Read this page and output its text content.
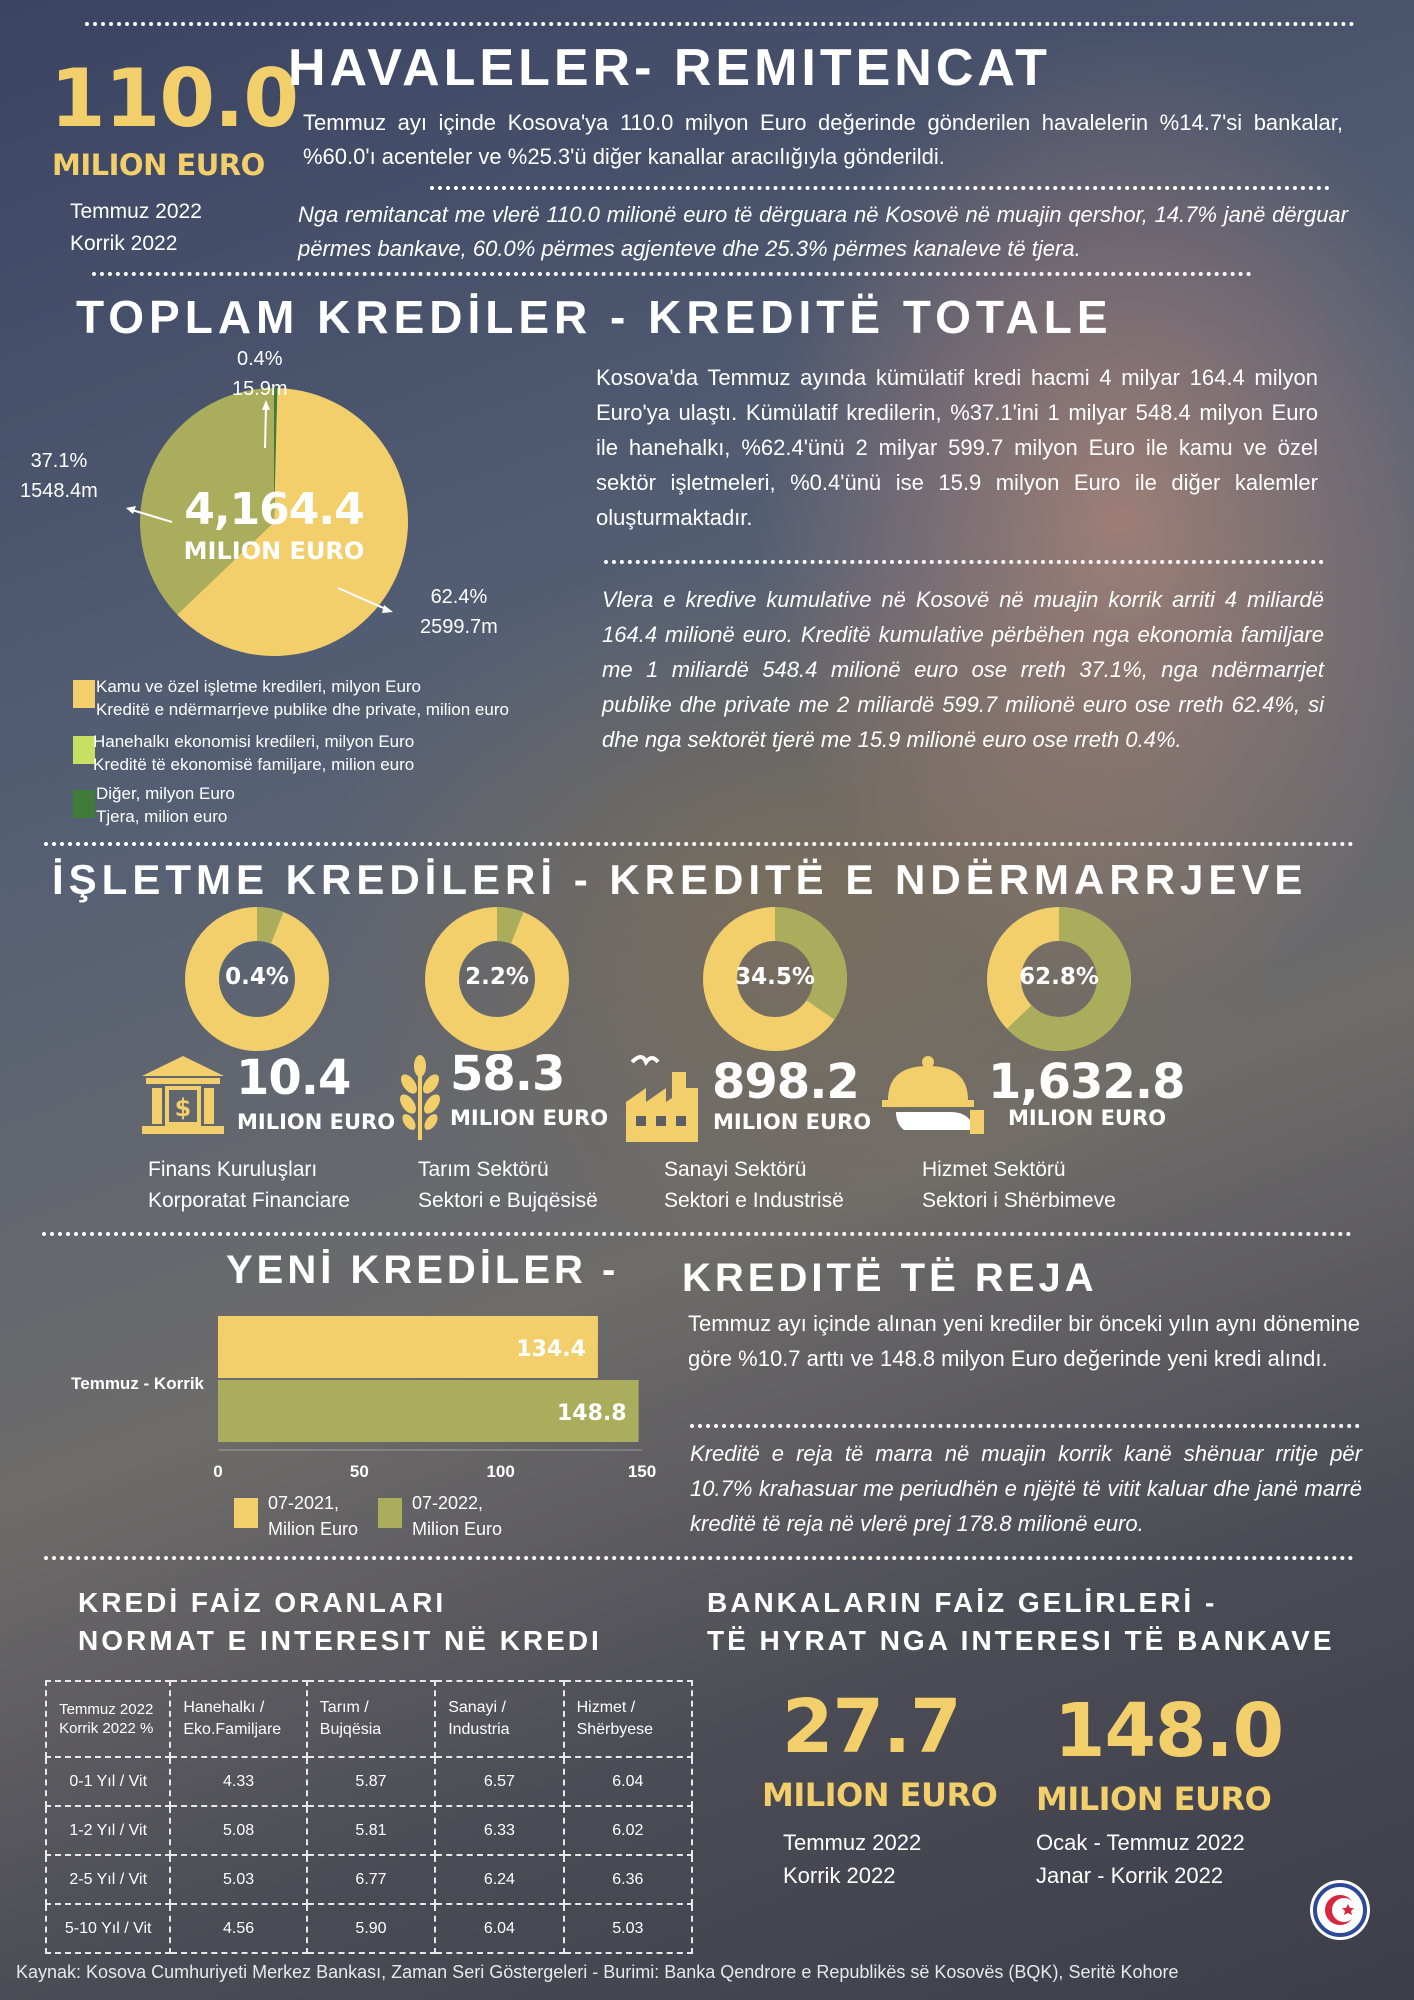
110.0
MILION EURO
Temmuz 2022
Korrik 2022
HAVALELER- REMITENCAT
Temmuz ayı içinde Kosova'ya 110.0 milyon Euro değerinde gönderilen havalelerin %14.7'si bankalar, %60.0'ı acenteler ve %25.3'ü diğer kanallar aracılığıyla gönderildi.
Nga remitancat me vlerë 110.0 milionë euro të dërguara në Kosovë në muajin qershor, 14.7% janë dërguar përmes bankave, 60.0% përmes agjenteve dhe 25.3% përmes kanaleve të tjera.
TOPLAM KREDİLER - KREDITË TOTALE
4,164.4
MILION EURO
0.4%
15.9m
37.1%
1548.4m
62.4%
2599.7m
Kamu ve özel işletme kredileri, milyon Euro
Kreditë e ndërmarrjeve publike dhe private, milion euro
Hanehalkı ekonomisi kredileri, milyon Euro
Kreditë të ekonomisë familjare, milion euro
Diğer, milyon Euro
Tjera, milion euro
Kosova'da Temmuz ayında kümülatif kredi hacmi 4 milyar 164.4 milyon Euro'ya ulaştı. Kümülatif kredilerin, %37.1'ini 1 milyar 548.4 milyon Euro ile hanehalkı, %62.4'ünü 2 milyar 599.7 milyon Euro ile kamu ve özel sektör işletmeleri, %0.4'ünü ise 15.9 milyon Euro ile diğer kalemler oluşturmaktadır.
Vlera e kredive kumulative në Kosovë në muajin korrik arriti 4 miliardë 164.4 milionë euro. Kreditë kumulative përbëhen nga ekonomia familjare me 1 miliardë 548.4 milionë euro ose rreth 37.1%, nga ndërmarrjet publike dhe private me 2 miliardë 599.7 milionë euro ose rreth 62.4%, si dhe nga sektorët tjerë me 15.9 milionë euro ose rreth 0.4%.
İŞLETME KREDİLERİ - KREDITË E NDËRMARRJEVE
0.4%	2.2%	34.5%	62.8%
$
10.4
MILION EURO
58.3
MILION EURO
898.2
MILION EURO
1,632.8
MILION EURO
Finans Kuruluşları
Korporatat Financiare
Tarım Sektörü
Sektori e Bujqësisë
Sanayi Sektörü
Sektori e Industrisë
Hizmet Sektörü
Sektori i Shërbimeve
YENİ KREDİLER - KREDITË TË REJA
134.4
148.8
0	50	100	150
Temmuz - Korrik
07-2021, Milion Euro
07-2022, Milion Euro
Temmuz ayı içinde alınan yeni krediler bir önceki yılın aynı dönemine göre %10.7 arttı ve 148.8 milyon Euro değerinde yeni kredi alındı.
Kreditë e reja të marra në muajin korrik kanë shënuar rritje për 10.7% krahasuar me periudhën e njëjtë të vitit kaluar dhe janë marrë kreditë të reja në vlerë prej 178.8 milionë euro.
KREDİ FAİZ ORANLARI
NORMAT E INTERESIT NË KREDI
Temmuz 2022 Korrik 2022 %	Hanehalkı / Eko.Familjare	Tarım / Bujqësia	Sanayi / Industria	Hizmet / Shërbyese
0-1 Yıl / Vit	4.33	5.87	6.57	6.04
1-2 Yıl / Vit	5.08	5.81	6.33	6.02
2-5 Yıl / Vit	5.03	6.77	6.24	6.36
5-10 Yıl / Vit	4.56	5.90	6.04	5.03
BANKALARIN FAİZ GELİRLERİ -
TË HYRAT NGA INTERESI TË BANKAVE
27.7
MILION EURO
Temmuz 2022
Korrik 2022
148.0
MILION EURO
Ocak - Temmuz 2022
Janar - Korrik 2022
Kaynak: Kosova Cumhuriyeti Merkez Bankası, Zaman Seri Göstergeleri - Burimi: Banka Qendrore e Republikës së Kosovës (BQK), Seritë Kohore
